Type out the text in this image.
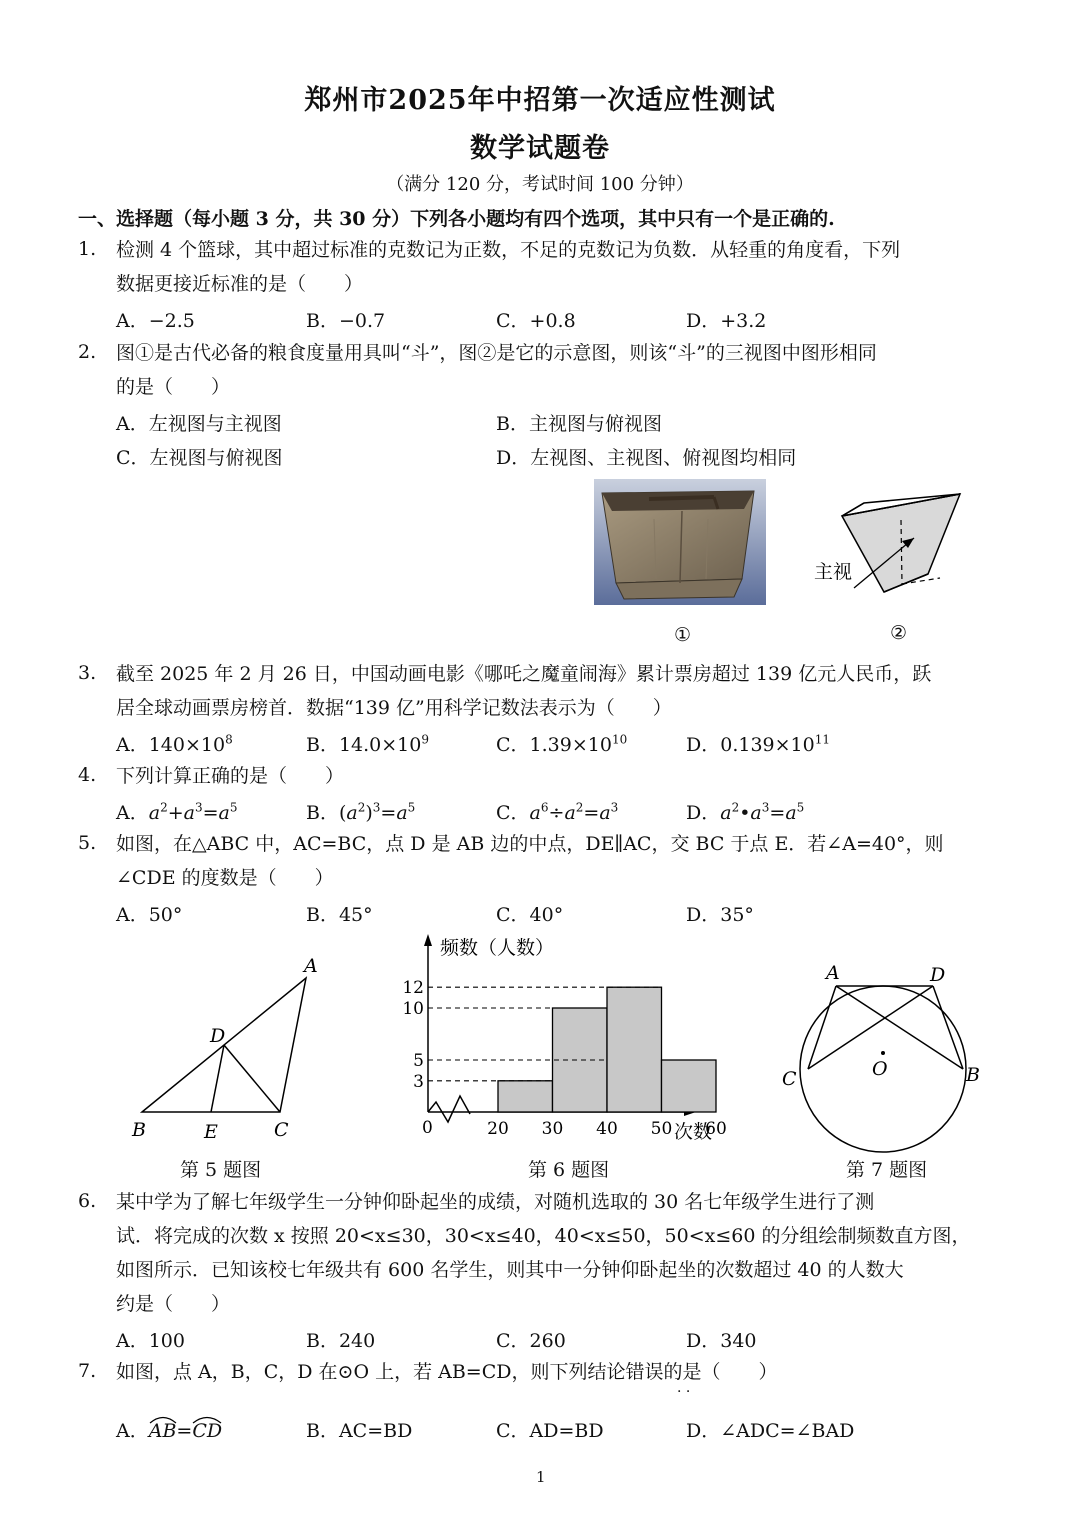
郑州市2025年中招第一次适应性测试
数学试题卷
（满分 120 分，考试时间 100 分钟）
一、选择题（每小题 3 分，共 30 分）下列各小题均有四个选项，其中只有一个是正确的.
1. 检测 4 个篮球，其中超过标准的克数记为正数，不足的克数记为负数．从轻重的角度看，下列
数据更接近标准的是（　　）
A．−2.5	B．−0.7	C．+0.8	D．+3.2
2. 图①是古代必备的粮食度量用具叫“斗”，图②是它的示意图，则该“斗”的三视图中图形相同
的是（　　）
A．左视图与主视图	B．主视图与俯视图
C．左视图与俯视图	D．左视图、主视图、俯视图均相同
①
主视
②
3. 截至 2025 年 2 月 26 日，中国动画电影《哪吒之魔童闹海》累计票房超过 139 亿元人民币，跃
居全球动画票房榜首．数据“139 亿”用科学记数法表示为（　　）
A．$140\times 10^8$	B．$14.0\times 10^9$	C．$1.39\times 10^{10}$	D．$0.139\times 10^{11}$
4. 下列计算正确的是（　　）
A．$a^2+a^3=a^5$	B．$(a^2)^3=a^5$	C．$a^6\div a^2=a^3$	D．$a^2•a^3=a^5$
5. 如图，在△ABC 中，AC=BC，点 D 是 AB 边的中点，DE∥AC，交 BC 于点 E．若∠A=40°，则
∠CDE 的度数是（　　）
A．50°	B．45°	C．40°	D．35°
A
D
B	E	C
第 5 题图
3
5
10
12
20 30 40 50 60
频数（人数）
次数
0
第 6 题图
A	D
C	B
O
第 7 题图
6. 某中学为了解七年级学生一分钟仰卧起坐的成绩，对随机选取的 30 名七年级学生进行了测
试．将完成的次数 x 按照 20<x≤30，30<x≤40，40<x≤50，50<x≤60 的分组绘制频数直方图，
如图所示．已知该校七年级共有 600 名学生，则其中一分钟仰卧起坐的次数超过 40 的人数大
约是（　　）
A．100	B．240	C．260	D．340
7. 如图，点 A，B，C，D 在⊙O 上，若 AB=CD，则下列结论错误的是（　　）
· ·
A．AB
=CD	B．AC=BD	C．AD=BD	D．∠ADC=∠BAD
1
